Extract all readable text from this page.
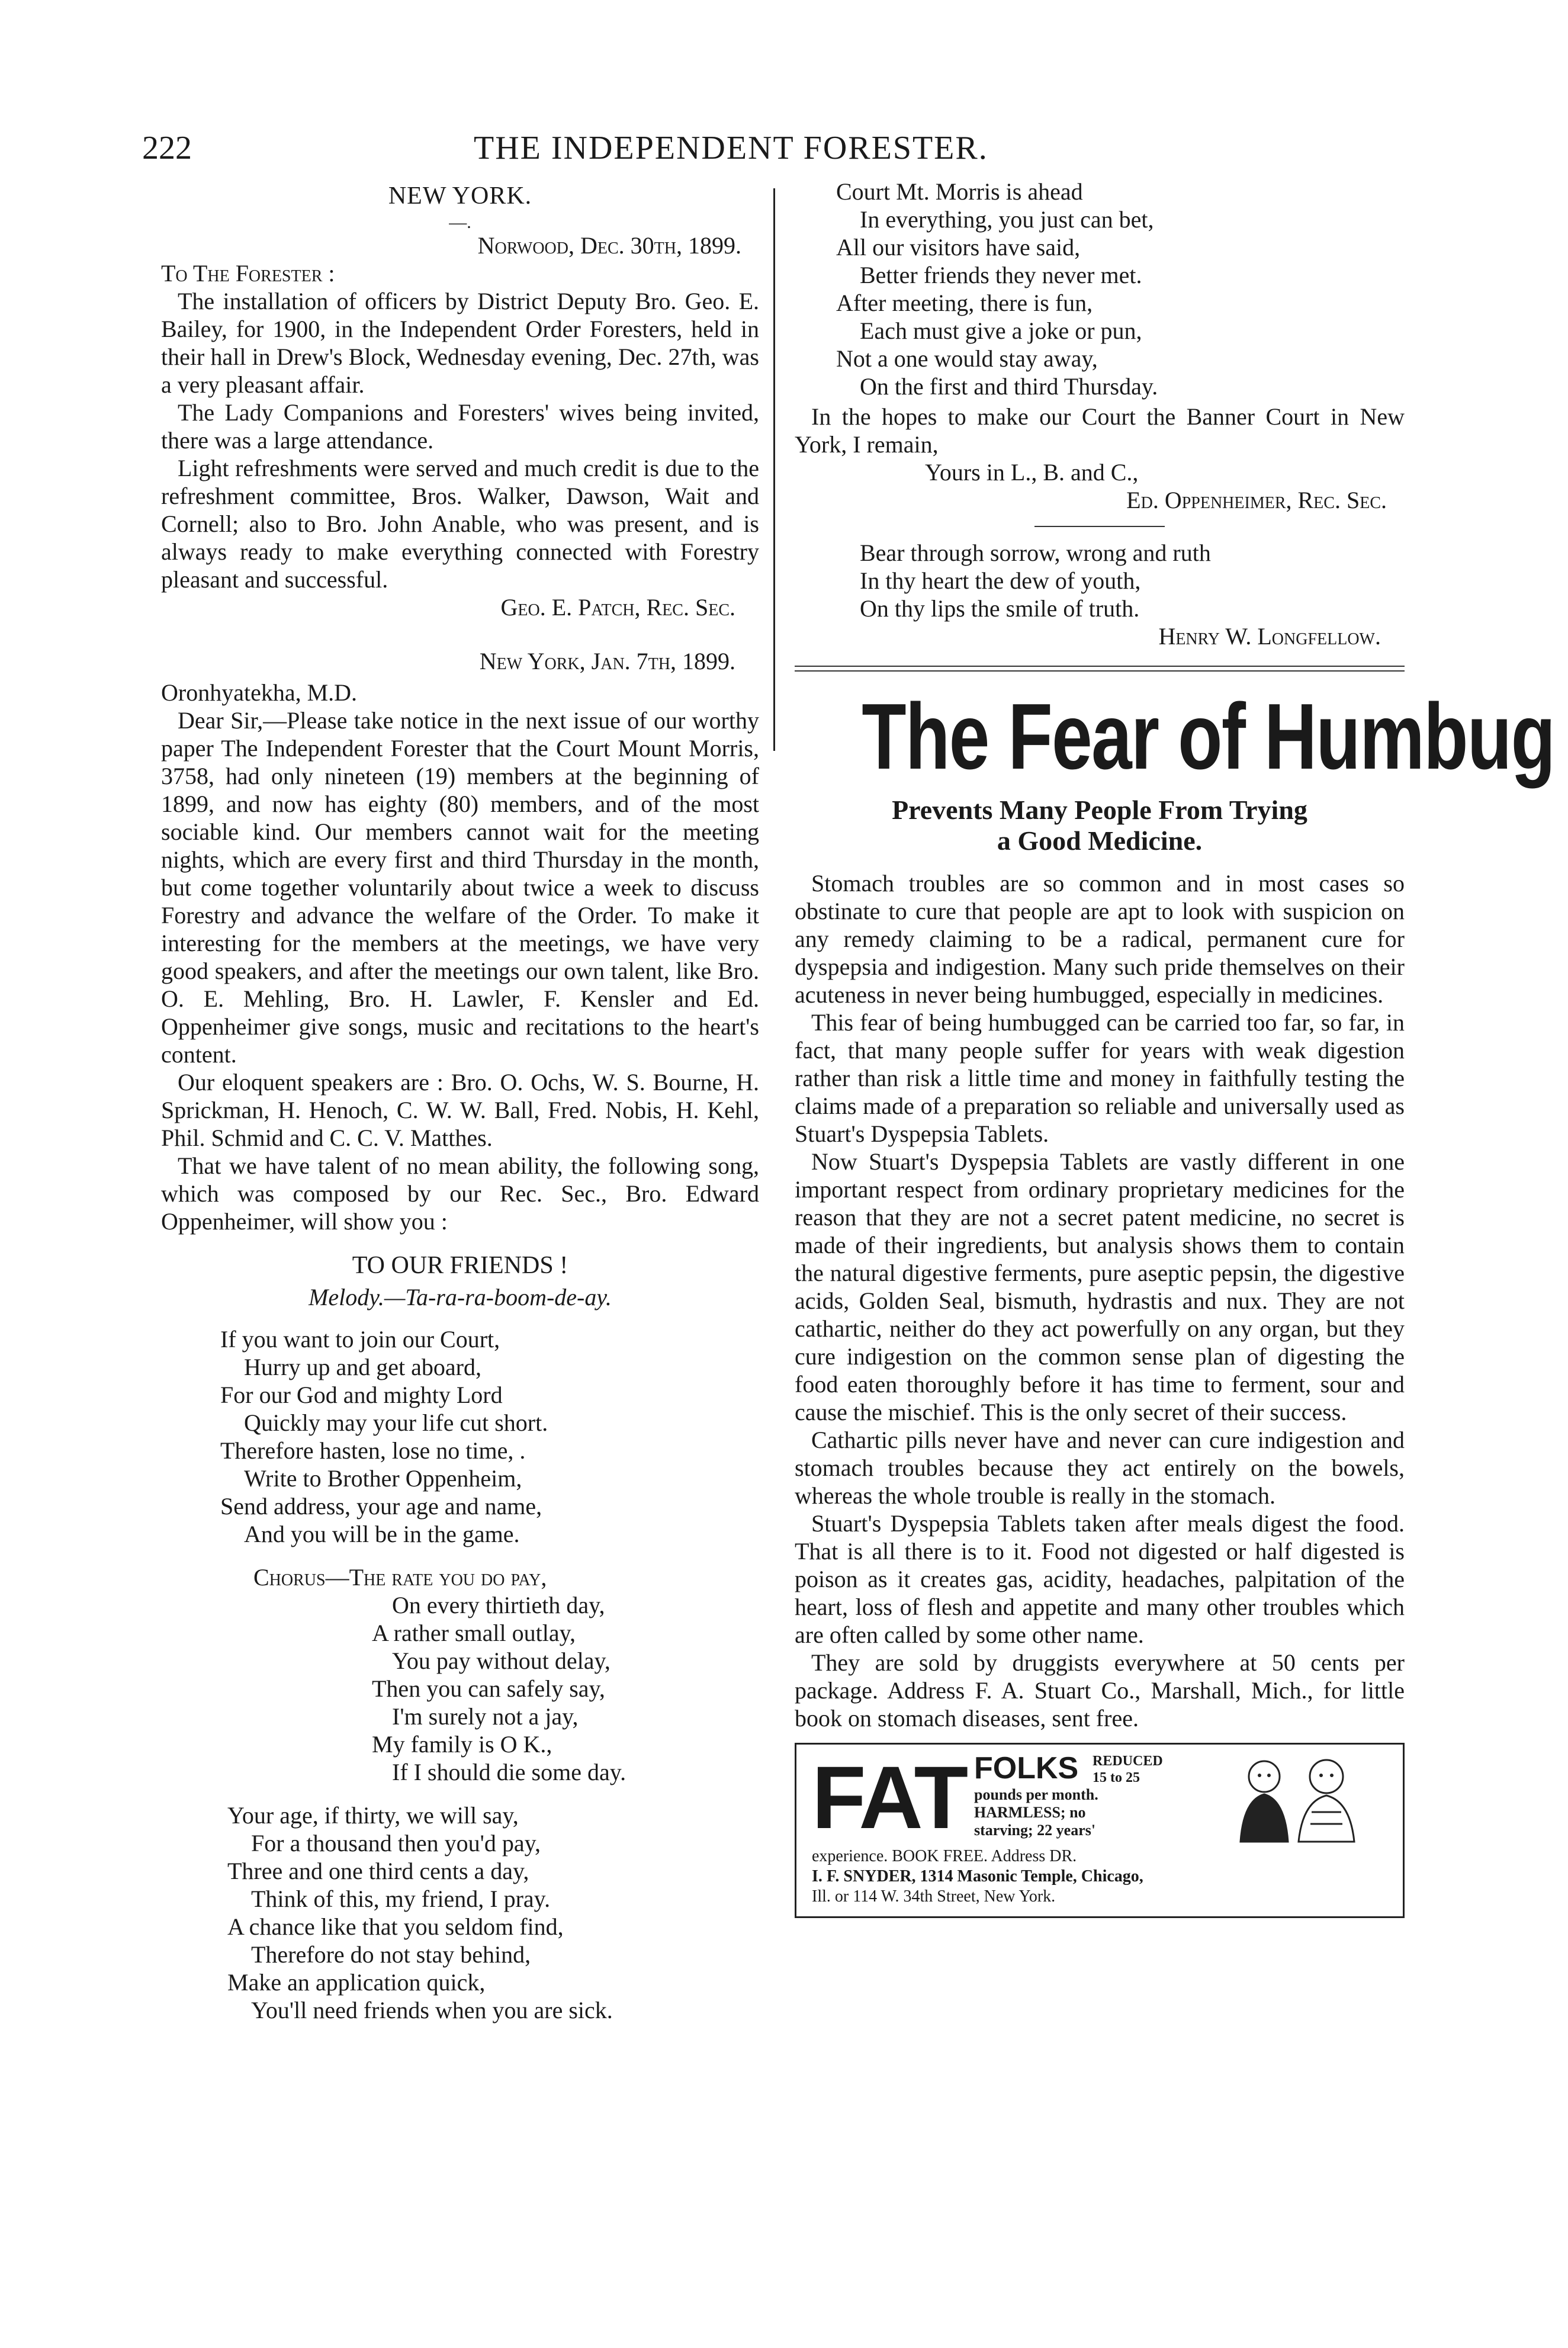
222	THE INDEPENDENT FORESTER.
NEW YORK.
—.

Norwood, Dec. 30th, 1899.

To The Forester :

The installation of officers by District Deputy Bro. Geo. E. Bailey, for 1900, in the Independent Order Foresters, held in their hall in Drew's Block, Wednesday evening, Dec. 27th, was a very pleasant affair.

The Lady Companions and Foresters' wives being invited, there was a large attendance.

Light refreshments were served and much credit is due to the refreshment committee, Bros. Walker, Dawson, Wait and Cornell; also to Bro. John Anable, who was present, and is always ready to make everything connected with Forestry pleasant and successful.

Geo. E. Patch, Rec. Sec.

New York, Jan. 7th, 1899.

Oronhyatekha, M.D.

Dear Sir,—Please take notice in the next issue of our worthy paper The Independent Forester that the Court Mount Morris, 3758, had only nineteen (19) members at the beginning of 1899, and now has eighty (80) members, and of the most sociable kind. Our members cannot wait for the meeting nights, which are every first and third Thursday in the month, but come together voluntarily about twice a week to discuss Forestry and advance the welfare of the Order. To make it interesting for the members at the meetings, we have very good speakers, and after the meetings our own talent, like Bro. O. E. Mehling, Bro. H. Lawler, F. Kensler and Ed. Oppenheimer give songs, music and recitations to the heart's content.

Our eloquent speakers are : Bro. O. Ochs, W. S. Bourne, H. Sprickman, H. Henoch, C. W. W. Ball, Fred. Nobis, H. Kehl, Phil. Schmid and C. C. V. Matthes.

That we have talent of no mean ability, the following song, which was composed by our Rec. Sec., Bro. Edward Oppenheimer, will show you :

TO OUR FRIENDS !

Melody.—Ta-ra-ra-boom-de-ay.

If you want to join our Court,

Hurry up and get aboard,

For our God and mighty Lord

Quickly may your life cut short.

Therefore hasten, lose no time, .

Write to Brother Oppenheim,

Send address, your age and name,

And you will be in the game.

Chorus—The rate you do pay,

On every thirtieth day,

A rather small outlay,

You pay without delay,

Then you can safely say,

I'm surely not a jay,

My family is O K.,

If I should die some day.

Your age, if thirty, we will say,

For a thousand then you'd pay,

Three and one third cents a day,

Think of this, my friend, I pray.

A chance like that you seldom find,

Therefore do not stay behind,

Make an application quick,

You'll need friends when you are sick.

Court Mt. Morris is ahead

In everything, you just can bet,

All our visitors have said,

Better friends they never met.

After meeting, there is fun,

Each must give a joke or pun,

Not a one would stay away,

On the first and third Thursday.

In the hopes to make our Court the Banner Court in New York, I remain,

Yours in L., B. and C.,

Ed. Oppenheimer, Rec. Sec.

Bear through sorrow, wrong and ruth

In thy heart the dew of youth,

On thy lips the smile of truth.

Henry W. Longfellow.

The Fear of Humbug

Prevents Many People From Trying
a Good Medicine.

Stomach troubles are so common and in most cases so obstinate to cure that people are apt to look with suspicion on any remedy claiming to be a radical, permanent cure for dyspepsia and indigestion. Many such pride themselves on their acuteness in never being humbugged, especially in medicines.

This fear of being humbugged can be carried too far, so far, in fact, that many people suffer for years with weak digestion rather than risk a little time and money in faithfully testing the claims made of a preparation so reliable and universally used as Stuart's Dyspepsia Tablets.

Now Stuart's Dyspepsia Tablets are vastly different in one important respect from ordinary proprietary medicines for the reason that they are not a secret patent medicine, no secret is made of their ingredients, but analysis shows them to contain the natural digestive ferments, pure aseptic pepsin, the digestive acids, Golden Seal, bismuth, hydrastis and nux. They are not cathartic, neither do they act powerfully on any organ, but they cure indigestion on the common sense plan of digesting the food eaten thoroughly before it has time to ferment, sour and cause the mischief. This is the only secret of their success.

Cathartic pills never have and never can cure indigestion and stomach troubles because they act entirely on the bowels, whereas the whole trouble is really in the stomach.

Stuart's Dyspepsia Tablets taken after meals digest the food. That is all there is to it. Food not digested or half digested is poison as it creates gas, acidity, headaches, palpitation of the heart, loss of flesh and appetite and many other troubles which are often called by some other name.

They are sold by druggists everywhere at 50 cents per package. Address F. A. Stuart Co., Marshall, Mich., for little book on stomach diseases, sent free.

FAT FOLKS REDUCED
15 to 25
pounds per month.
HARMLESS; no
starving; 22 years'
experience. BOOK FREE. Address DR.
I. F. SNYDER, 1314 Masonic Temple, Chicago,
Ill. or 114 W. 34th Street, New York.
